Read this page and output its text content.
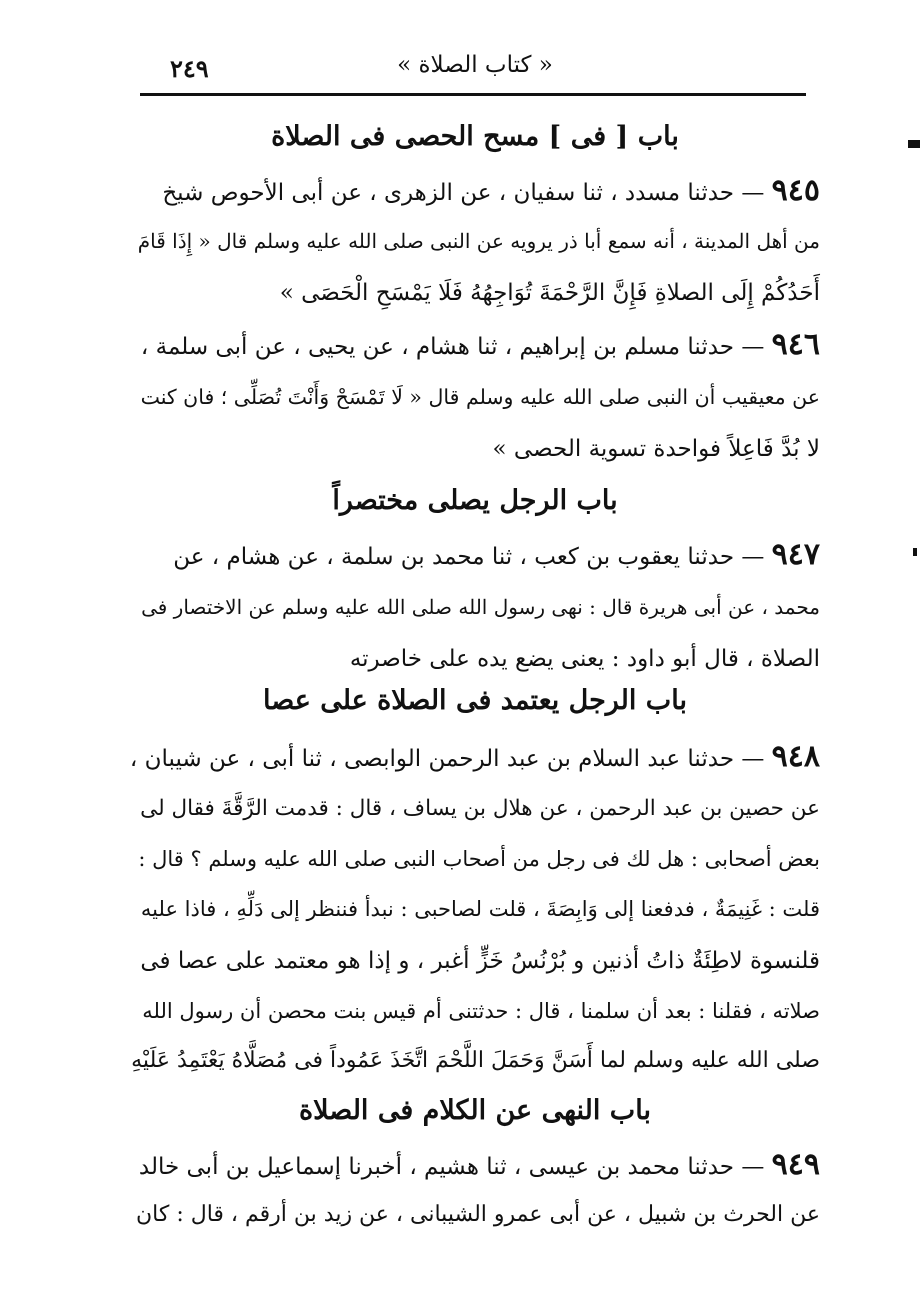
٢٤٩	« كتاب الصلاة »
باب [ فى ] مسح الحصى فى الصلاة
٩٤٥ — حدثنا مسدد ، ثنا سفيان ، عن الزهرى ، عن أبى الأحوص شيخ
من أهل المدينة ، أنه سمع أبا ذر يرويه عن النبى صلى الله عليه وسلم قال « إِذَا قَامَ
أَحَدُكُمْ إِلَى الصلاةِ فَإِنَّ الرَّحْمَةَ تُوَاجِهُهُ فَلَا يَمْسَحِ الْحَصَى »
٩٤٦ — حدثنا مسلم بن إبراهيم ، ثنا هشام ، عن يحيى ، عن أبى سلمة ،
عن معيقيب أن النبى صلى الله عليه وسلم قال « لَا تَمْسَحْ وَأَنْتَ تُصَلِّى ؛ فان كنت
لا بُدَّ فَاعِلاً فواحدة تسوية الحصى »
باب الرجل يصلى مختصراً
٩٤٧ — حدثنا يعقوب بن كعب ، ثنا محمد بن سلمة ، عن هشام ، عن
محمد ، عن أبى هريرة قال : نهى رسول الله صلى الله عليه وسلم عن الاختصار فى
الصلاة ، قال أبو داود : يعنى يضع يده على خاصرته
باب الرجل يعتمد فى الصلاة على عصا
٩٤٨ — حدثنا عبد السلام بن عبد الرحمن الوابصى ، ثنا أبى ، عن شيبان ،
عن حصين بن عبد الرحمن ، عن هلال بن يساف ، قال : قدمت الرَّقَّةَ فقال لى
بعض أصحابى : هل لك فى رجل من أصحاب النبى صلى الله عليه وسلم ؟ قال :
قلت : غَنِيمَةٌ ، فدفعنا إلى وَابِصَةَ ، قلت لصاحبى : نبدأ فننظر إلى دَلِّهِ ، فاذا عليه
قلنسوة لاطِئَةٌ ذاتُ أذنين و بُرْنُسُ خَزٍّ أغبر ، و إذا هو معتمد على عصا فى
صلاته ، فقلنا : بعد أن سلمنا ، قال : حدثتنى أم قيس بنت محصن أن رسول الله
صلى الله عليه وسلم لما أَسَنَّ وَحَمَلَ اللَّحْمَ اتَّخَذَ عَمُوداً فى مُصَلَّاهُ يَعْتَمِدُ عَلَيْهِ
باب النهى عن الكلام فى الصلاة
٩٤٩ — حدثنا محمد بن عيسى ، ثنا هشيم ، أخبرنا إسماعيل بن أبى خالد
عن الحرث بن شبيل ، عن أبى عمرو الشيبانى ، عن زيد بن أرقم ، قال : كان
